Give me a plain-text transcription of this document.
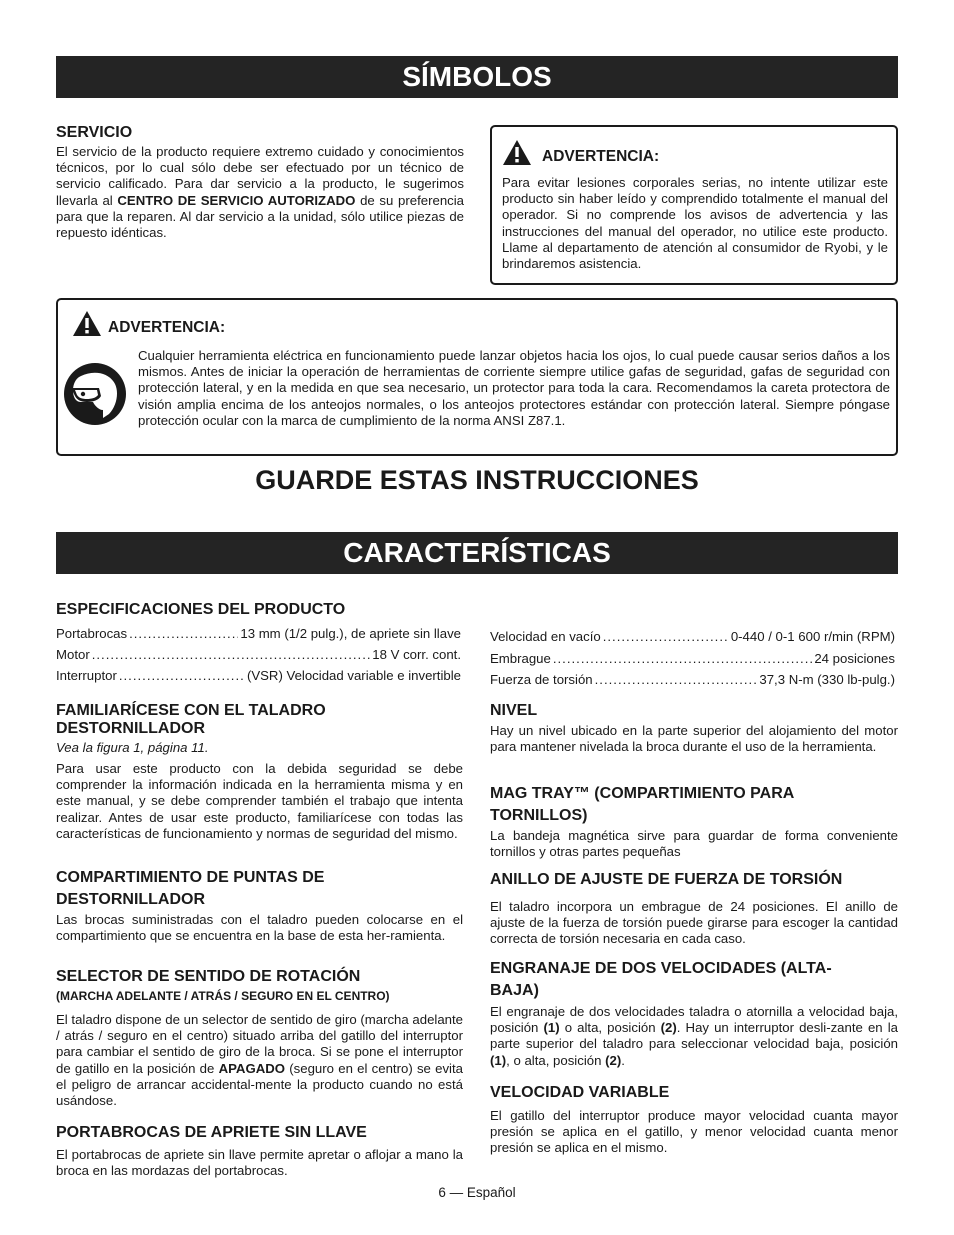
SÍMBOLOS
SERVICIO
El servicio de la producto requiere extremo cuidado y conocimientos técnicos, por lo cual sólo debe ser efectuado por un técnico de servicio calificado. Para dar servicio a la producto, le sugerimos llevarla al CENTRO DE SERVICIO AUTORIZADO de su preferencia para que la reparen. Al dar servicio a la unidad, sólo utilice piezas de repuesto idénticas.
ADVERTENCIA:
Para evitar lesiones corporales serias, no intente utilizar este producto sin haber leído y comprendido totalmente el manual del operador. Si no comprende los avisos de advertencia y las instrucciones del manual del operador, no utilice este producto. Llame al departamento de atención al consumidor de Ryobi, y le brindaremos asistencia.
ADVERTENCIA:
Cualquier herramienta eléctrica en funcionamiento puede lanzar objetos hacia los ojos, lo cual puede causar serios daños a los mismos. Antes de iniciar la operación de herramientas de corriente siempre utilice gafas de seguridad, gafas de seguridad con protección lateral, y en la medida en que sea necesario, un protector para toda la cara. Recomendamos la careta protectora de visión amplia encima de los anteojos normales, o los anteojos protectores estándar con protección lateral. Siempre póngase protección ocular con la marca de cumplimiento de la norma ANSI Z87.1.
GUARDE ESTAS INSTRUCCIONES
CARACTERÍSTICAS
ESPECIFICACIONES DEL PRODUCTO
Portabrocas .....	13 mm (1/2 pulg.), de apriete sin llave
Motor .....	18 V corr. cont.
Interruptor .....	(VSR) Velocidad variable e invertible
FAMILIARÍCESE CON EL TALADRO DESTORNILLADOR
Vea la figura 1, página 11.
Para usar este producto con la debida seguridad se debe comprender la información indicada en la herramienta misma y en este manual, y se debe comprender también el trabajo que intenta realizar. Antes de usar este producto, familiarícese con todas las características de funcionamiento y normas de seguridad del mismo.
COMPARTIMIENTO DE PUNTAS DE DESTORNILLADOR
Las brocas suministradas con el taladro pueden colocarse en el compartimiento que se encuentra en la base de esta her-ramienta.
SELECTOR DE SENTIDO DE ROTACIÓN
(MARCHA ADELANTE / ATRÁS / SEGURO EN EL CENTRO)
El taladro dispone de un selector de sentido de giro (marcha adelante / atrás / seguro en el centro) situado arriba del gatillo del interruptor para cambiar el sentido de giro de la broca. Si se pone el interruptor de gatillo en la posición de APAGADO (seguro en el centro) se evita el peligro de arrancar accidental-mente la producto cuando no está usándose.
PORTABROCAS DE APRIETE SIN LLAVE
El portabrocas de apriete sin llave permite apretar o aflojar a mano la broca en las mordazas del portabrocas.
Velocidad en vacío .....	0-440 / 0-1 600 r/min (RPM)
Embrague .....	24 posiciones
Fuerza de torsión .....	37,3 N-m (330 lb-pulg.)
NIVEL
Hay un nivel ubicado en la parte superior del alojamiento del motor para mantener nivelada la broca durante el uso de la herramienta.
MAG TRAY™ (COMPARTIMIENTO PARA TORNILLOS)
La bandeja magnética sirve para guardar de forma conveniente tornillos y otras partes pequeñas
ANILLO DE AJUSTE DE FUERZA DE TORSIÓN
El taladro incorpora un embrague de 24 posiciones. El anillo de ajuste de la fuerza de torsión puede girarse para escoger la cantidad correcta de torsión necesaria en cada caso.
ENGRANAJE DE DOS VELOCIDADES (ALTA-BAJA)
El engranaje de dos velocidades taladra o atornilla a velocidad baja, posición (1) o alta, posición (2). Hay un interruptor desli-zante en la parte superior del taladro para seleccionar velocidad baja, posición (1), o alta, posición (2).
VELOCIDAD VARIABLE
El gatillo del interruptor produce mayor velocidad cuanta mayor presión se aplica en el gatillo, y menor velocidad cuanta menor presión se aplica en el mismo.
6 — Español
